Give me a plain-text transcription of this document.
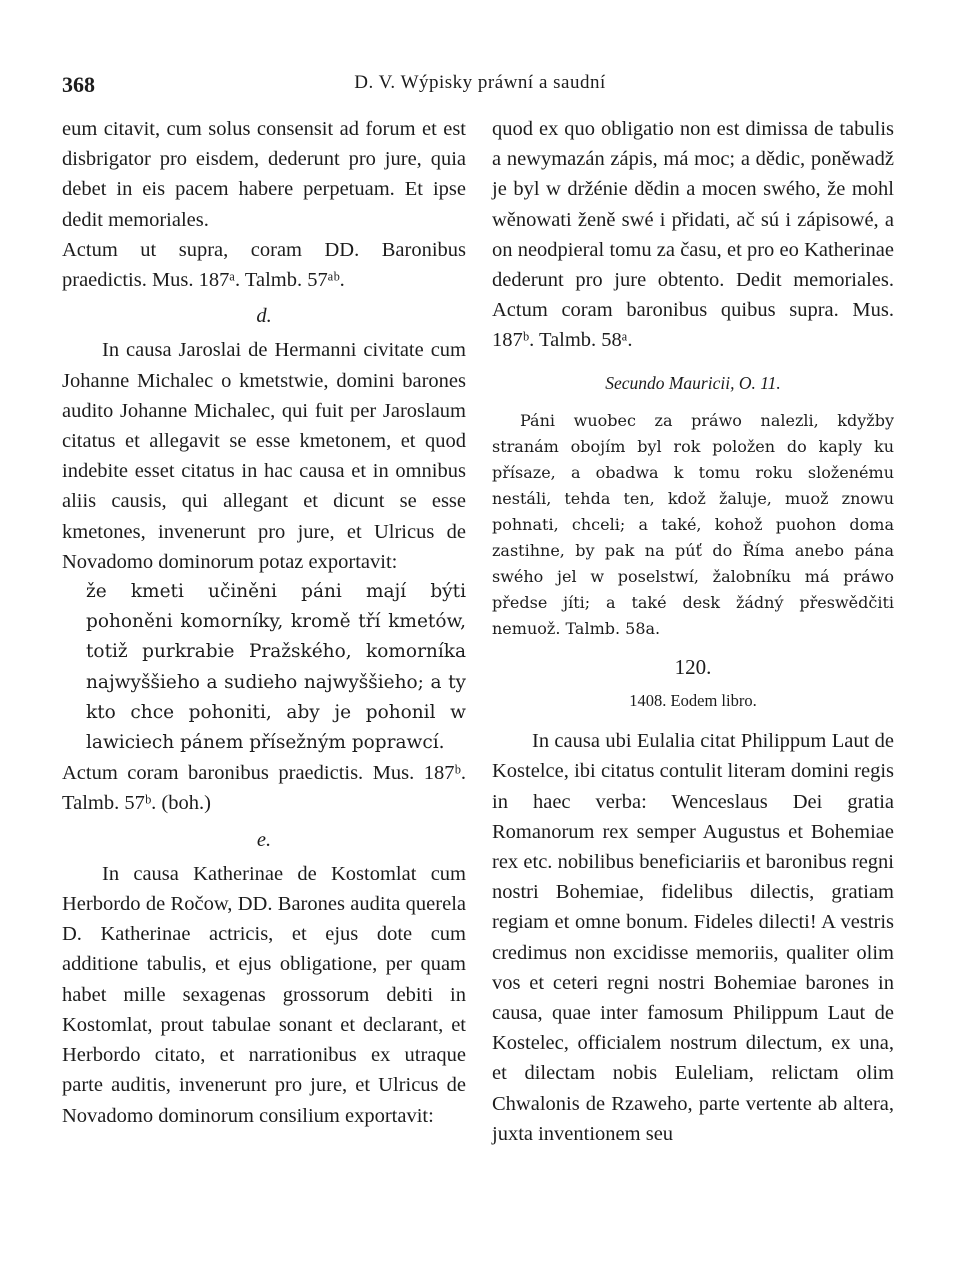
368	D. V. Wýpisky práwní a saudní

eum citavit, cum solus consensit ad forum et est disbrigator pro eisdem, dederunt pro jure, quia debet in eis pacem habere perpetuam. Et ipse dedit memoriales.

Actum ut supra, coram DD. Baronibus praedictis. Mus. 187ᵃ. Talmb. 57ᵃᵇ.

d.

In causa Jaroslai de Hermanni civitate cum Johanne Michalec o kmetstwie, domini barones audito Johanne Michalec, qui fuit per Jaroslaum citatus et allegavit se esse kmetonem, et quod indebite esset citatus in hac causa et in omnibus aliis causis, qui allegant et dicunt se esse kmetones, invenerunt pro jure, et Ulricus de Novadomo dominorum potaz exportavit:

že kmeti učiněni páni mají býti pohoněni komorníky, kromě tří kmetów, totiž purkrabie Pražského, komorníka najwyššieho a sudieho najwyššieho; a ty kto chce pohoniti, aby je pohonil w lawiciech pánem přísežným poprawcí.

Actum coram baronibus praedictis. Mus. 187ᵇ. Talmb. 57ᵇ. (boh.)

e.

In causa Katherinae de Kostomlat cum Herbordo de Ročow, DD. Barones audita querela D. Katherinae actricis, et ejus dote cum additione tabulis, et ejus obligatione, per quam habet mille sexagenas grossorum debiti in Kostomlat, prout tabulae sonant et declarant, et Herbordo citato, et narrationibus ex utraque parte auditis, invenerunt pro jure, et Ulricus de Novadomo dominorum consilium exportavit:

quod ex quo obligatio non est dimissa de tabulis a newymazán zápis, má moc; a dědic, poněwadž je byl w držénie dědin a mocen swého, že mohl wěnowati ženě swé i přidati, ač sú i zápisowé, a on neodpieral tomu za času, et pro eo Katherinae dederunt pro jure obtento. Dedit memoriales. Actum coram baronibus quibus supra. Mus. 187ᵇ. Talmb. 58ᵃ.

Secundo Mauricii, O. 11.

Páni wuobec za práwo nalezli, kdyžby stranám obojím byl rok položen do kaply ku přísaze, a obadwa k tomu roku složenému nestáli, tehda ten, kdož žaluje, muož znowu pohnati, chceli; a také, kohož puohon doma zastihne, by pak na púť do Říma anebo pána swého jel w poselstwí, žalobníku má práwo předse jíti; a také desk žádný přeswědčiti nemuož. Talmb. 58a.

120.

1408. Eodem libro.

In causa ubi Eulalia citat Philippum Laut de Kostelce, ibi citatus contulit literam domini regis in haec verba: Wenceslaus Dei gratia Romanorum rex semper Augustus et Bohemiae rex etc. nobilibus beneficiariis et baronibus regni nostri Bohemiae, fidelibus dilectis, gratiam regiam et omne bonum. Fideles dilecti! A vestris credimus non excidisse memoriis, qualiter olim vos et ceteri regni nostri Bohemiae barones in causa, quae inter famosum Philippum Laut de Kostelec, officialem nostrum dilectum, ex una, et dilectam nobis Euleliam, relictam olim Chwalonis de Rzaweho, parte vertente ab altera, juxta inventionem seu
